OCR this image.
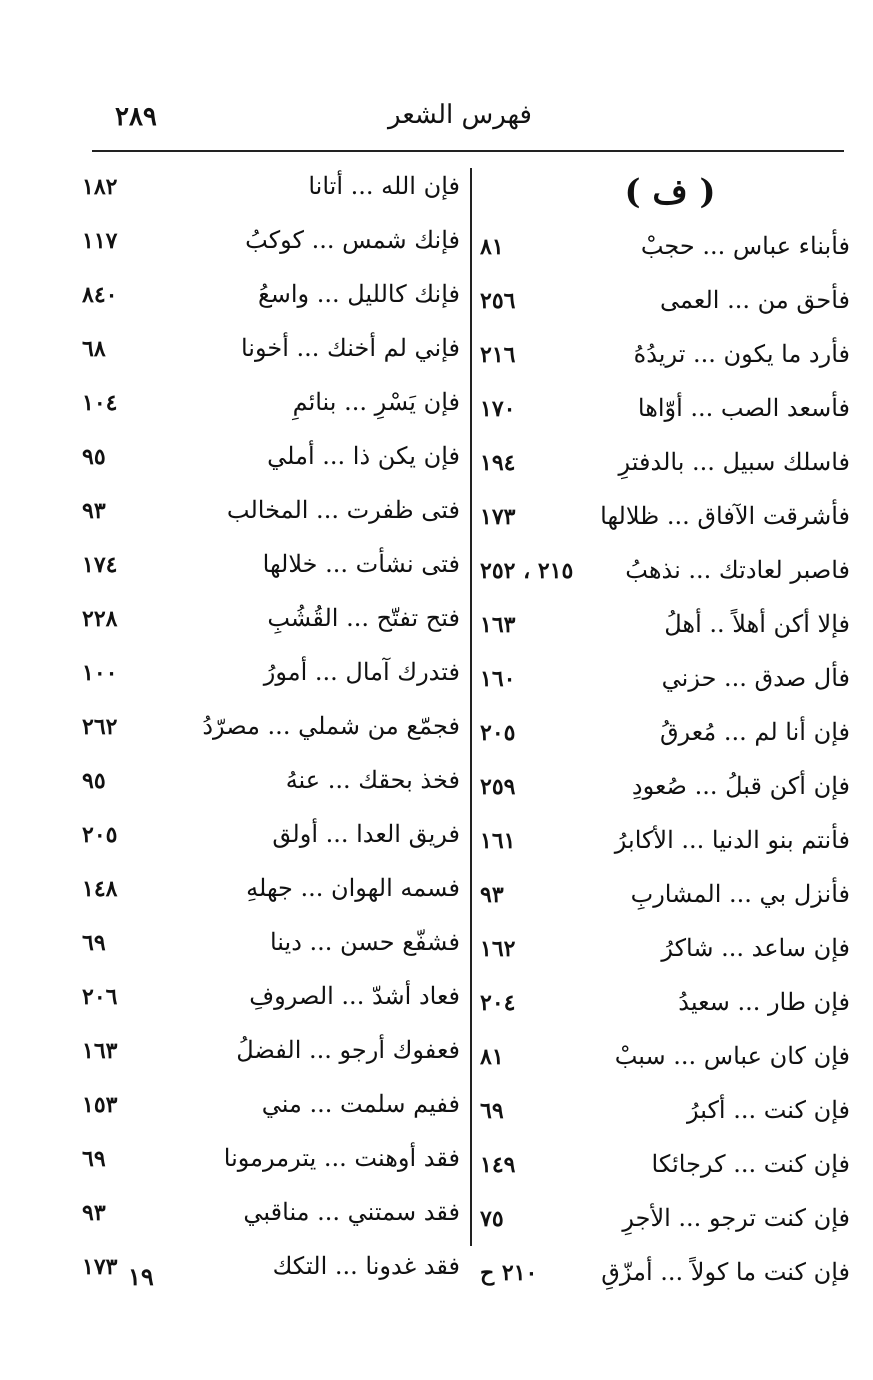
فهرس الشعر
٢٨٩
( ف )
فإن الله ... أتانا
١٨٢
فإنك شمس ... كوكبُ
١١٧
فإنك كالليل ... واسعُ
٨٤٠
فإني لم أخنك ... أخونا
٦٨
فإن يَسْرِ ... بنائمِ
١٠٤
فإن يكن ذا ... أملي
٩٥
فتى ظفرت ... المخالب
٩٣
فتى نشأت ... خلالها
١٧٤
فتح تفتّح ... القُشُبِ
٢٢٨
فتدرك آمال ... أمورُ
١٠٠
فجمّع من شملي ... مصرّدُ
٢٦٢
فخذ بحقك ... عنهُ
٩٥
فريق العدا ... أولق
٢٠٥
فسمه الهوان ... جهلهِ
١٤٨
فشفّع حسن ... دينا
٦٩
فعاد أشدّ ... الصروفِ
٢٠٦
فعفوك أرجو ... الفضلُ
١٦٣
ففيم سلمت ... مني
١٥٣
فقد أوهنت ... يترمرمونا
٦٩
فقد سمتني ... مناقبي
٩٣
فقد غدونا ... التكك
١٧٣
فأبناء عباس ... حجبْ
٨١
فأحق من ... العمى
٢٥٦
فأرد ما يكون ... تريدُهُ
٢١٦
فأسعد الصب ... أوّاها
١٧٠
فاسلك سبيل ... بالدفترِ
١٩٤
فأشرقت الآفاق ... ظلالها
١٧٣
فاصبر لعادتك ... نذهبُ
٢١٥ ، ٢٥٢
فإلا أكن أهلاً .. أهلُ
١٦٣
فأل صدق ... حزني
١٦٠
فإن أنا لم ... مُعرقُ
٢٠٥
فإن أكن قبلُ ... صُعودِ
٢٥٩
فأنتم بنو الدنيا ... الأكابرُ
١٦١
فأنزل بي ... المشاربِ
٩٣
فإن ساعد ... شاكرُ
١٦٢
فإن طار ... سعيدُ
٢٠٤
فإن كان عباس ... سببْ
٨١
فإن كنت ... أكبرُ
٦٩
فإن كنت ... كرجائكا
١٤٩
فإن كنت ترجو ... الأجرِ
٧٥
فإن كنت ما كولاً ... أمزّقِ
٢١٠ ح
١٩
